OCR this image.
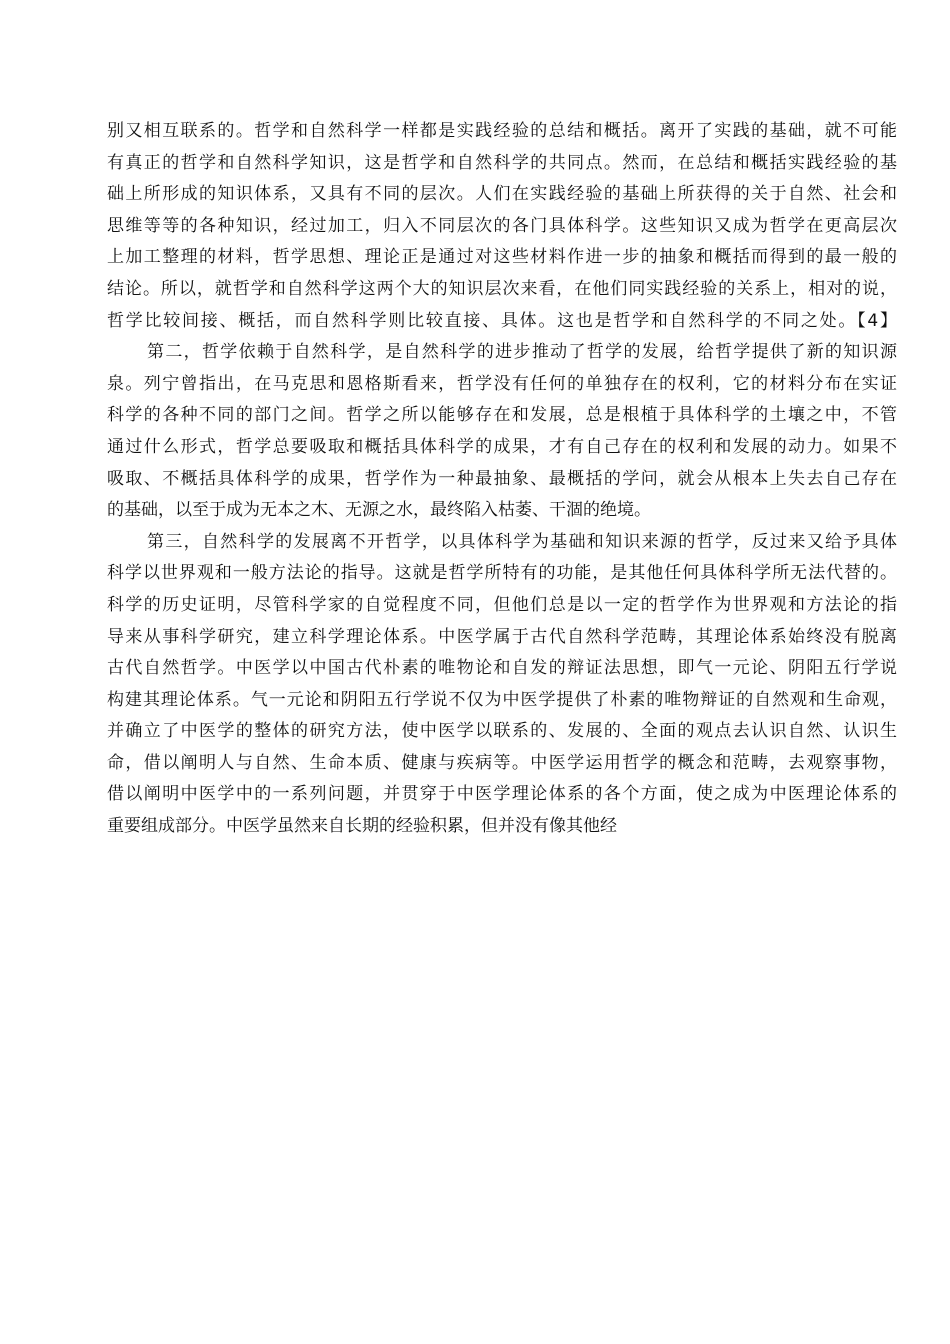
别又相互联系的。哲学和自然科学一样都是实践经验的总结和概括。离开了实践的基础，就不可能
有真正的哲学和自然科学知识，这是哲学和自然科学的共同点。然而，在总结和概括实践经验的基
础上所形成的知识体系，又具有不同的层次。人们在实践经验的基础上所获得的关于自然、社会和
思维等等的各种知识，经过加工，归入不同层次的各门具体科学。这些知识又成为哲学在更高层次
上加工整理的材料，哲学思想、理论正是通过对这些材料作进一步的抽象和概括而得到的最一般的
结论。所以，就哲学和自然科学这两个大的知识层次来看，在他们同实践经验的关系上，相对的说，
哲学比较间接、概括，而自然科学则比较直接、具体。这也是哲学和自然科学的不同之处。【4】
第二，哲学依赖于自然科学，是自然科学的进步推动了哲学的发展，给哲学提供了新的知识源
泉。列宁曾指出，在马克思和恩格斯看来，哲学没有任何的单独存在的权利，它的材料分布在实证
科学的各种不同的部门之间。哲学之所以能够存在和发展，总是根植于具体科学的土壤之中，不管
通过什么形式，哲学总要吸取和概括具体科学的成果，才有自己存在的权利和发展的动力。如果不
吸取、不概括具体科学的成果，哲学作为一种最抽象、最概括的学问，就会从根本上失去自己存在
的基础，以至于成为无本之木、无源之水，最终陷入枯萎、干涸的绝境。
第三，自然科学的发展离不开哲学，以具体科学为基础和知识来源的哲学，反过来又给予具体
科学以世界观和一般方法论的指导。这就是哲学所特有的功能，是其他任何具体科学所无法代替的。
科学的历史证明，尽管科学家的自觉程度不同，但他们总是以一定的哲学作为世界观和方法论的指
导来从事科学研究，建立科学理论体系。中医学属于古代自然科学范畴，其理论体系始终没有脱离
古代自然哲学。中医学以中国古代朴素的唯物论和自发的辩证法思想，即气一元论、阴阳五行学说
构建其理论体系。气一元论和阴阳五行学说不仅为中医学提供了朴素的唯物辩证的自然观和生命观，
并确立了中医学的整体的研究方法，使中医学以联系的、发展的、全面的观点去认识自然、认识生
命，借以阐明人与自然、生命本质、健康与疾病等。中医学运用哲学的概念和范畴，去观察事物，
借以阐明中医学中的一系列问题，并贯穿于中医学理论体系的各个方面，使之成为中医理论体系的
重要组成部分。中医学虽然来自长期的经验积累，但并没有像其他经
